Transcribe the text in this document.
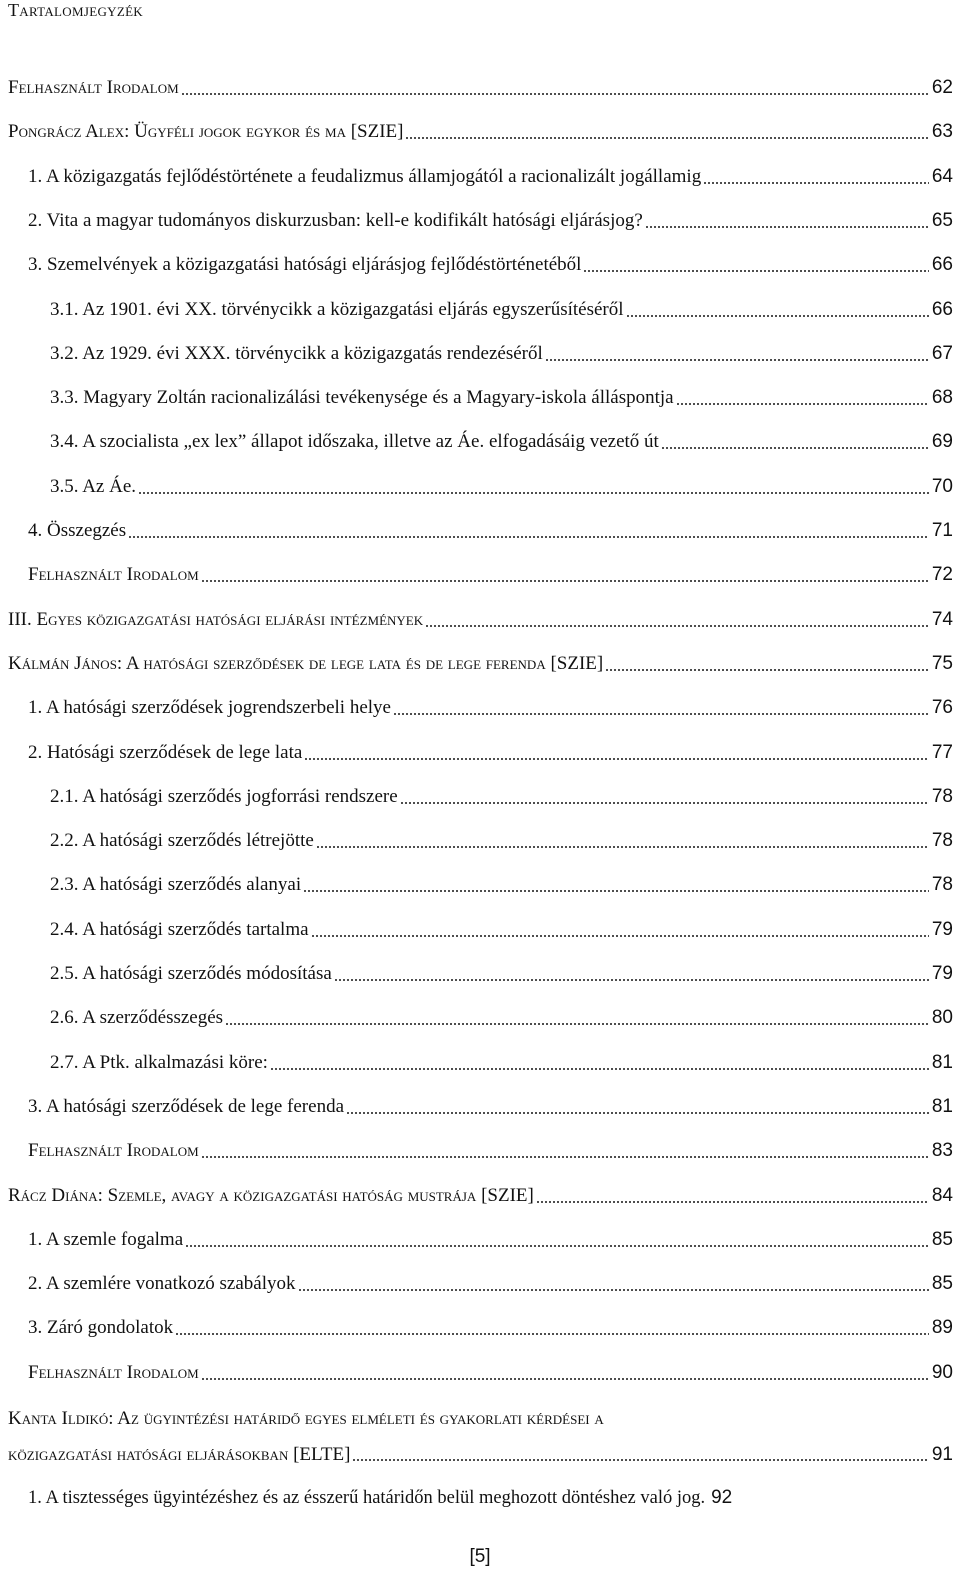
Tartalomjegyzék
Felhasznált Irodalom	62
Pongrácz Alex: Ügyféli jogok egykor és ma [SZIE]	63
1. A közigazgatás fejlődéstörténete a feudalizmus államjogától a racionalizált jogállamig	64
2. Vita a magyar tudományos diskurzusban: kell-e kodifikált hatósági eljárásjog?	65
3. Szemelvények a közigazgatási hatósági eljárásjog fejlődéstörténetéből	66
3.1. Az 1901. évi XX. törvénycikk a közigazgatási eljárás egyszerűsítéséről	66
3.2. Az 1929. évi XXX. törvénycikk a közigazgatás rendezéséről	67
3.3. Magyary Zoltán racionalizálási tevékenysége és a Magyary-iskola álláspontja	68
3.4. A szocialista „ex lex” állapot időszaka, illetve az Áe. elfogadásáig vezető út	69
3.5. Az Áe.	70
4. Összegzés	71
Felhasznált Irodalom	72
III. Egyes közigazgatási hatósági eljárási intézmények	74
Kálmán János: A hatósági szerződések de lege lata és de lege ferenda [SZIE]	75
1. A hatósági szerződések jogrendszerbeli helye	76
2. Hatósági szerződések de lege lata	77
2.1. A hatósági szerződés jogforrási rendszere	78
2.2. A hatósági szerződés létrejötte	78
2.3. A hatósági szerződés alanyai	78
2.4. A hatósági szerződés tartalma	79
2.5. A hatósági szerződés módosítása	79
2.6. A szerződésszegés	80
2.7. A Ptk. alkalmazási köre:	81
3. A hatósági szerződések de lege ferenda	81
Felhasznált Irodalom	83
Rácz Diána: Szemle, avagy a közigazgatási hatóság mustrája [SZIE]	84
1. A szemle fogalma	85
2. A szemlére vonatkozó szabályok	85
3. Záró gondolatok	89
Felhasznált Irodalom	90
Kanta Ildikó: Az ügyintézési határidő egyes elméleti és gyakorlati kérdései a
közigazgatási hatósági eljárásokban [ELTE]	91
1. A tisztességes ügyintézéshez és az ésszerű határidőn belül meghozott döntéshez való jog. 92
[5]
